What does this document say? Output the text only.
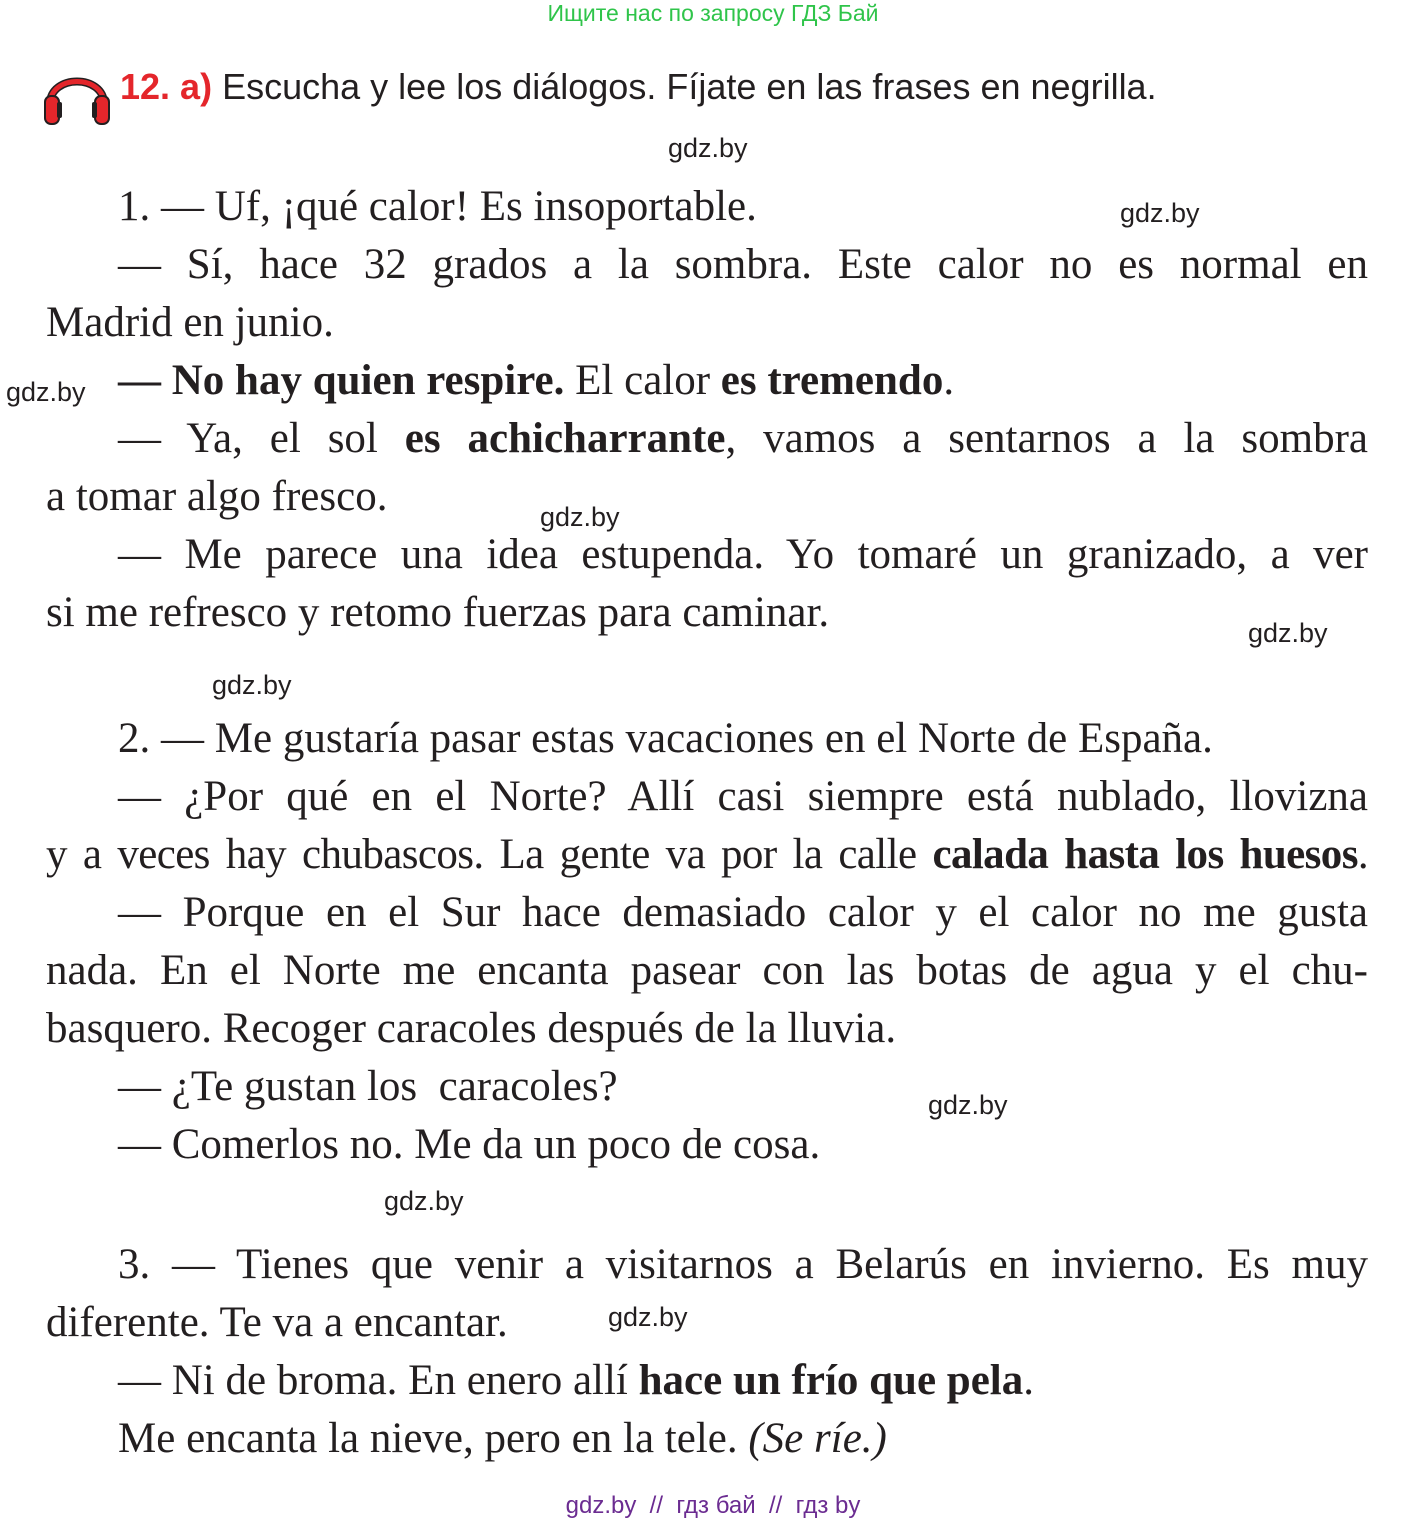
Ищите нас по запросу ГДЗ Бай
12. a) Escucha y lee los diálogos. Fíjate en las frases en negrilla.
gdz.by
gdz.by
gdz.by
gdz.by
gdz.by
gdz.by
gdz.by
gdz.by
gdz.by
1. — Uf, ¡qué calor! Es insoportable.
— Sí, hace 32 grados a la sombra. Este calor no es normal en
Madrid en junio.
— No hay quien respire. El calor es tremendo.
— Ya, el sol es achicharrante, vamos a sentarnos a la sombra
a tomar algo fresco.
— Me parece una idea estupenda. Yo tomaré un granizado, a ver
si me refresco y retomo fuerzas para caminar.
2. — Me gustaría pasar estas vacaciones en el Norte de España.
— ¿Por qué en el Norte? Allí casi siempre está nublado, llovizna
y a veces hay chubascos. La gente va por la calle calada hasta los huesos.
— Porque en el Sur hace demasiado calor y el calor no me gusta
nada. En el Norte me encanta pasear con las botas de agua y el chu-
basquero. Recoger caracoles después de la lluvia.
— ¿Te gustan los  caracoles?
— Comerlos no. Me da un poco de cosa.
3. — Tienes que venir a visitarnos a Belarús en invierno. Es muy
diferente. Te va a encantar.
— Ni de broma. En enero allí hace un frío que pela.
Me encanta la nieve, pero en la tele. (Se ríe.)
gdz.by  //  гдз бай  //  гдз by
